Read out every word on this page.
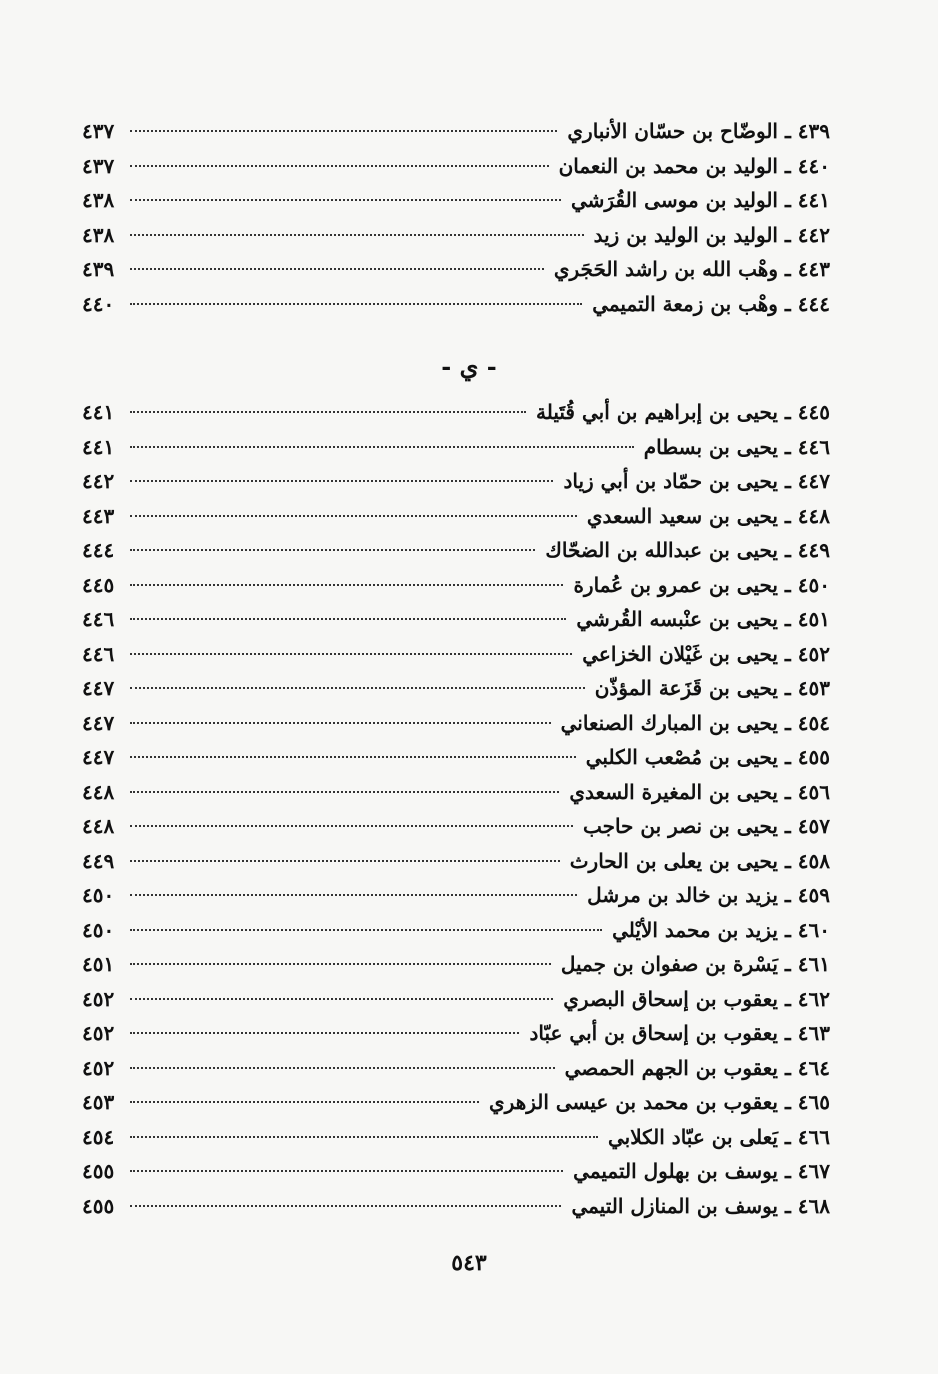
٤٣٩ ـ الوضّاح بن حسّان الأنباري
٤٣٧
٤٤٠ ـ الوليد بن محمد بن النعمان
٤٣٧
٤٤١ ـ الوليد بن موسى القُرَشي
٤٣٨
٤٤٢ ـ الوليد بن الوليد بن زيد
٤٣٨
٤٤٣ ـ وهْب الله بن راشد الحَجَري
٤٣٩
٤٤٤ ـ وهْب بن زمعة التميمي
٤٤٠
- ي -
٤٤٥ ـ يحيى بن إبراهيم بن أبي قُتَيلة
٤٤١
٤٤٦ ـ يحيى بن بسطام
٤٤١
٤٤٧ ـ يحيى بن حمّاد بن أبي زياد
٤٤٢
٤٤٨ ـ يحيى بن سعيد السعدي
٤٤٣
٤٤٩ ـ يحيى بن عبدالله بن الضحّاك
٤٤٤
٤٥٠ ـ يحيى بن عمرو بن عُمارة
٤٤٥
٤٥١ ـ يحيى بن عنْبسه القُرشي
٤٤٦
٤٥٢ ـ يحيى بن غَيْلان الخزاعي
٤٤٦
٤٥٣ ـ يحيى بن قَزَعة المؤذّن
٤٤٧
٤٥٤ ـ يحيى بن المبارك الصنعاني
٤٤٧
٤٥٥ ـ يحيى بن مُصْعب الكلبي
٤٤٧
٤٥٦ ـ يحيى بن المغيرة السعدي
٤٤٨
٤٥٧ ـ يحيى بن نصر بن حاجب
٤٤٨
٤٥٨ ـ يحيى بن يعلى بن الحارث
٤٤٩
٤٥٩ ـ يزيد بن خالد بن مرشل
٤٥٠
٤٦٠ ـ يزيد بن محمد الأيْلي
٤٥٠
٤٦١ ـ يَسْرة بن صفوان بن جميل
٤٥١
٤٦٢ ـ يعقوب بن إسحاق البصري
٤٥٢
٤٦٣ ـ يعقوب بن إسحاق بن أبي عبّاد
٤٥٢
٤٦٤ ـ يعقوب بن الجهم الحمصي
٤٥٢
٤٦٥ ـ يعقوب بن محمد بن عيسى الزهري
٤٥٣
٤٦٦ ـ يَعلى بن عبّاد الكلابي
٤٥٤
٤٦٧ ـ يوسف بن بهلول التميمي
٤٥٥
٤٦٨ ـ يوسف بن المنازل التيمي
٤٥٥
٥٤٣
